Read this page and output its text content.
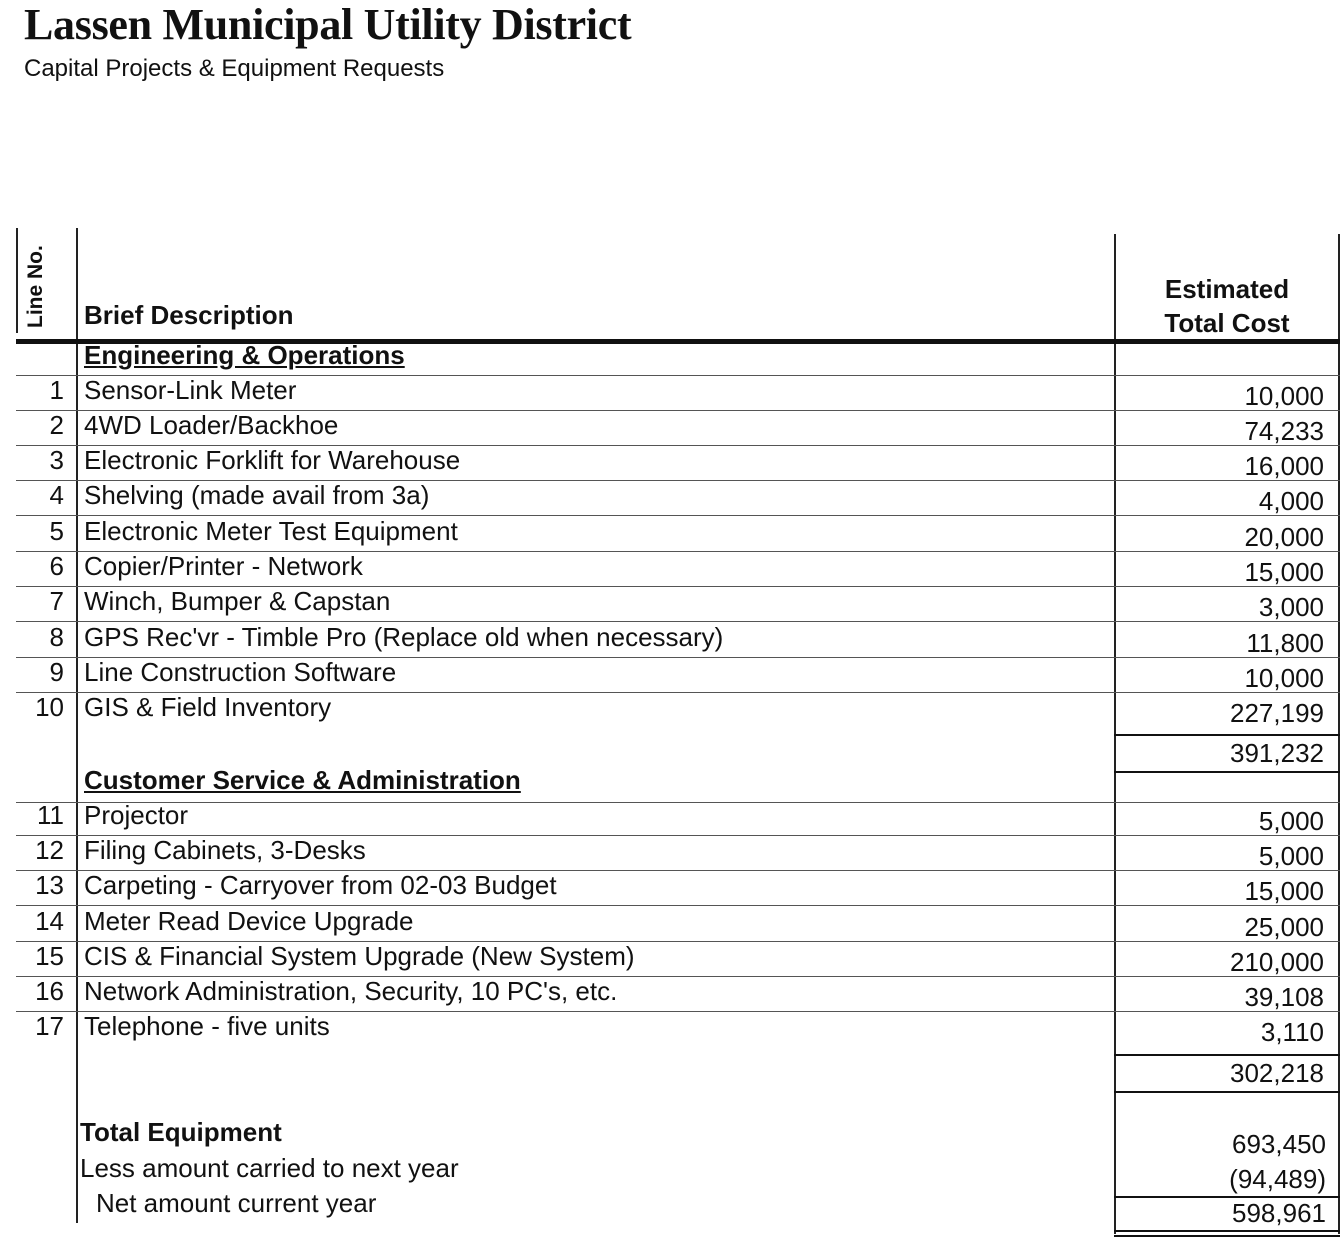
Lassen Municipal Utility District
Capital Projects & Equipment Requests
Line No. Brief Description
Estimated
Total Cost
Engineering & Operations
1 Sensor-Link Meter	10,000
2 4WD Loader/Backhoe	74,233
3 Electronic Forklift for Warehouse	16,000
4 Shelving (made avail from 3a)	4,000
5 Electronic Meter Test Equipment	20,000
6 Copier/Printer - Network	15,000
7 Winch, Bumper & Capstan	3,000
8 GPS Rec'vr - Timble Pro (Replace old when necessary)	11,800
9 Line Construction Software	10,000
10 GIS & Field Inventory	227,199
391,232
Customer Service & Administration
11 Projector	5,000
12 Filing Cabinets, 3-Desks	5,000
13 Carpeting - Carryover from 02-03 Budget	15,000
14 Meter Read Device Upgrade	25,000
15 CIS & Financial System Upgrade (New System)	210,000
16 Network Administration, Security, 10 PC's, etc.	39,108
17 Telephone - five units	3,110
302,218
Total Equipment	693,450
Less amount carried to next year	(94,489)
Net amount current year	598,961
